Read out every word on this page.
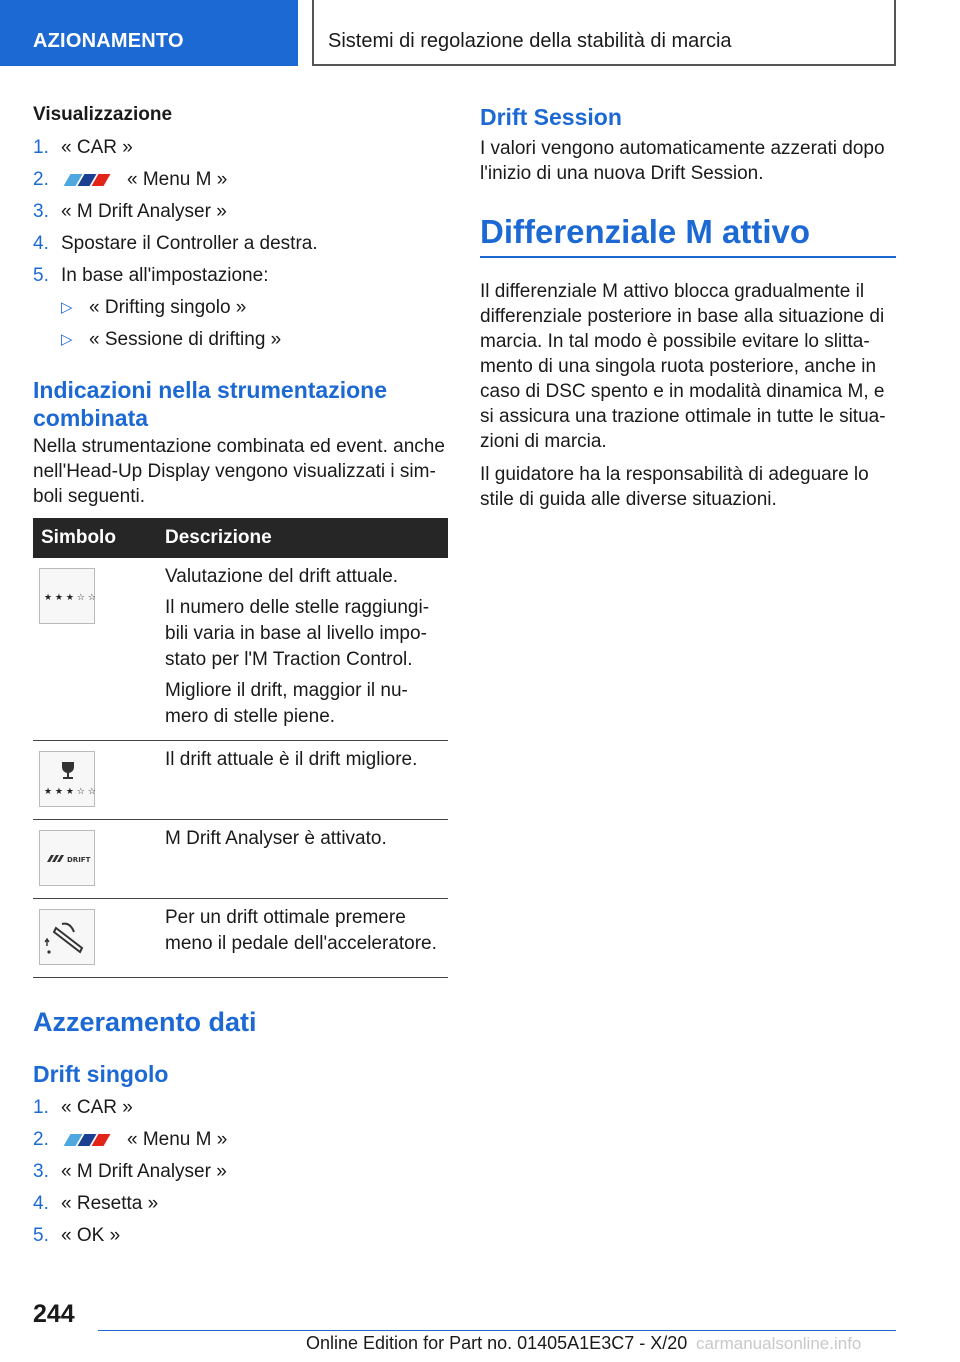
AZIONAMENTO	Sistemi di regolazione della stabilità di marcia
Visualizzazione
1. « CAR »
2.	« Menu M »
3. « M Drift Analyser »
4. Spostare il Controller a destra.
5. In base all'impostazione:
▷ « Drifting singolo »
▷ « Sessione di drifting »
Indicazioni nella strumentazione combinata
Nella strumentazione combinata ed event. anche nell'Head-Up Display vengono visualizzati i simboli seguenti.
Simbolo	Descrizione

★ ★ ★ ☆ ☆	Valutazione del drift attuale.
Il numero delle stelle raggiungibili varia in base al livello impostato per l'M Traction Control.
Migliore il drift, maggior il numero di stelle piene.

★ ★ ★ ☆ ☆	Il drift attuale è il drift migliore.

DRIFT	M Drift Analyser è attivato.

	Per un drift ottimale premere meno il pedale dell'acceleratore.
Azzeramento dati
Drift singolo
1. « CAR »
2.	« Menu M »
3. « M Drift Analyser »
4. « Resetta »
5. « OK »
Drift Session
I valori vengono automaticamente azzerati dopo l'inizio di una nuova Drift Session.
Differenziale M attivo
Il differenziale M attivo blocca gradualmente il differenziale posteriore in base alla situazione di marcia. In tal modo è possibile evitare lo slittamento di una singola ruota posteriore, anche in caso di DSC spento e in modalità dinamica M, e si assicura una trazione ottimale in tutte le situazioni di marcia.
Il guidatore ha la responsabilità di adeguare lo stile di guida alle diverse situazioni.
244
Online Edition for Part no. 01405A1E3C7 - X/20 carmanualsonline.info
